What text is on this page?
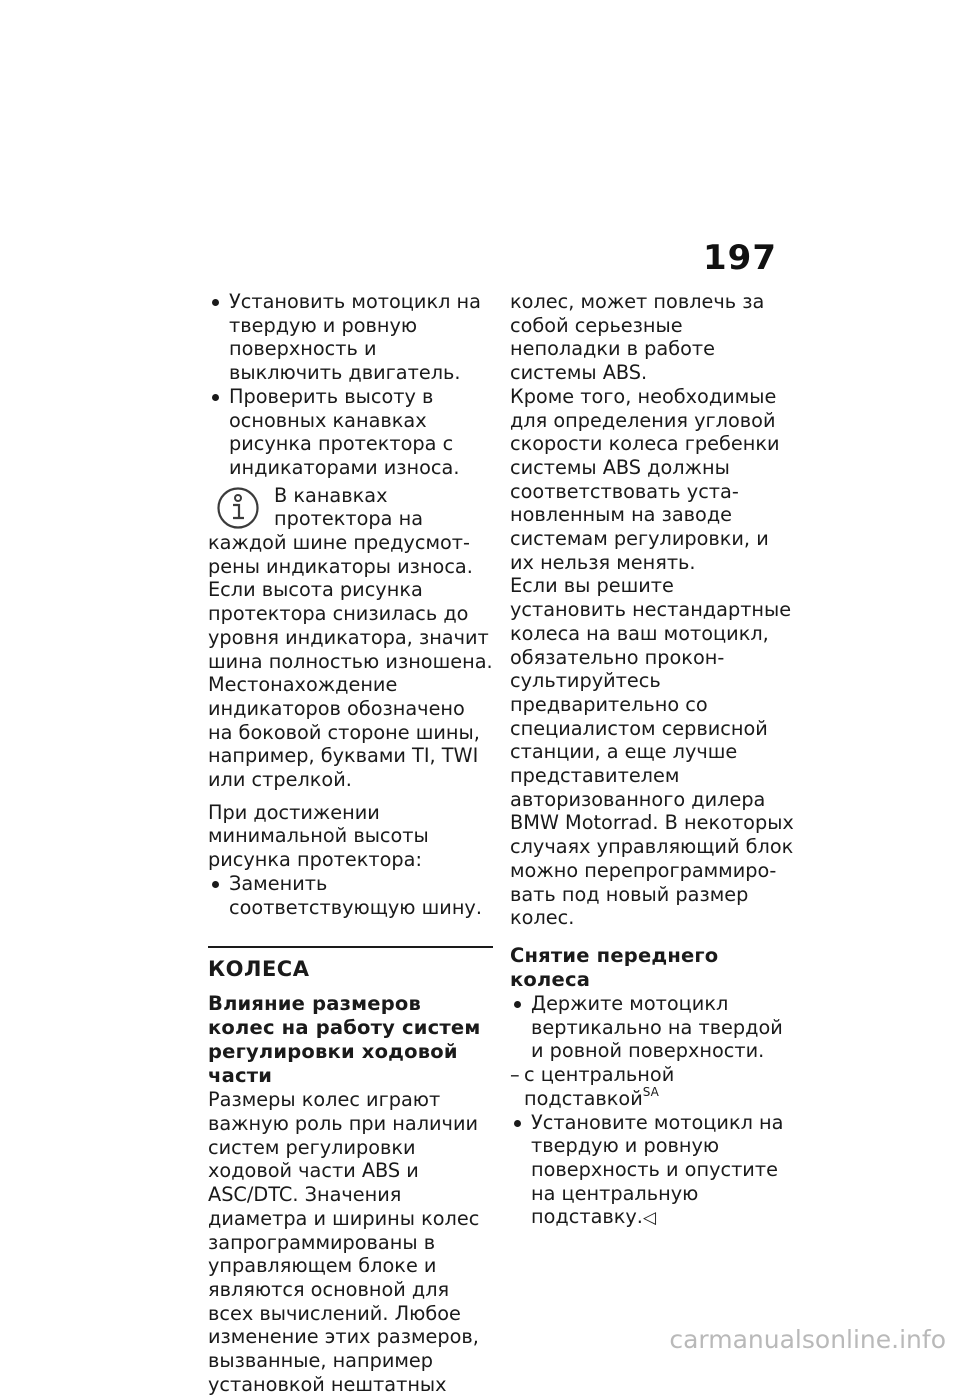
197

Установить мотоцикл на твердую и ровную поверхность и выключить двигатель.

Проверить высоту в основных канавках рисунка протектора с индикаторами износа.

В канавках протектора на каждой шине предусмотрены индикаторы износа. Если высота рисунка протектора снизилась до уровня индикатора, значит шина полностью изношена. Местонахождение индикаторов обозначено на боковой стороне шины, например, буквами TI, TWI или стрелкой.

При достижении минимальной высоты рисунка протектора:

Заменить соответствующую шину.

КОЛЕСА
Влияние размеров колес на работу систем регулировки ходовой части

Размеры колес играют важную роль при наличии систем регулировки ходовой части ABS и ASC/DTC. Значения диаметра и ширины колес запрограммированы в управляющем блоке и являются основной для всех вычислений. Любое изменение этих размеров, вызванные, например установкой нештатных

колес, может повлечь за собой серьезные неполадки в работе системы ABS.

Кроме того, необходимые для определения угловой скорости колеса гребенки системы ABS должны соответствовать установленным на заводе системам регулировки, и их нельзя менять.

Если вы решите установить нестандартные колеса на ваш мотоцикл, обязательно проконсультируйтесь предварительно со специалистом сервисной станции, а еще лучше представителем авторизованного дилера BMW Motorrad. В некоторых случаях управляющий блок можно перепрограммировать под новый размер колес.

Снятие переднего колеса

Держите мотоцикл вертикально на твердой и ровной поверхности.

– с центральной подставкой$^{SA}$

Установите мотоцикл на твердую и ровную поверхность и опустите на центральную подставку.◁

carmanualsonline.info
